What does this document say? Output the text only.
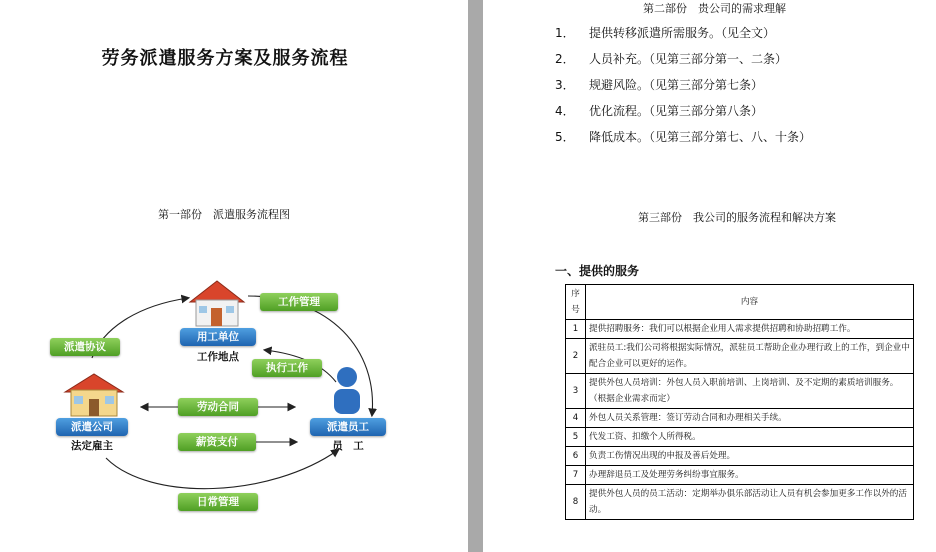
劳务派遣服务方案及服务流程
第一部份　派遣服务流程图
派遣协议
工作管理
用工单位
工作地点
执行工作
劳动合同
派遣公司
法定雇主	薪资支付
派遣员工
员　工
日常管理
第二部份　贵公司的需求理解
1． 提供转移派遣所需服务。（见全文）
2． 人员补充。（见第三部分第一、二条）
3． 规避风险。（见第三部分第七条）
4． 优化流程。（见第三部分第八条）
5． 降低成本。（见第三部分第七、八、十条）
第三部份　我公司的服务流程和解决方案
一、提供的服务
序号	内容
1	提供招聘服务：我们可以根据企业用人需求提供招聘和协助招聘工作。
2	派驻员工:我们公司将根据实际情况，派驻员工帮助企业办理行政上的工作，到企业中配合企业可以更好的运作。
3	提供外包人员培训：外包人员入职前培训、上岗培训、及不定期的素质培训服务。（根据企业需求而定）
4	外包人员关系管理：签订劳动合同和办理相关手续。
5	代发工资、扣缴个人所得税。
6	负责工伤情况出现的申报及善后处理。
7	办理辞退员工及处理劳务纠纷事宜服务。
8	提供外包人员的员工活动：定期举办俱乐部活动让人员有机会参加更多工作以外的活动。
